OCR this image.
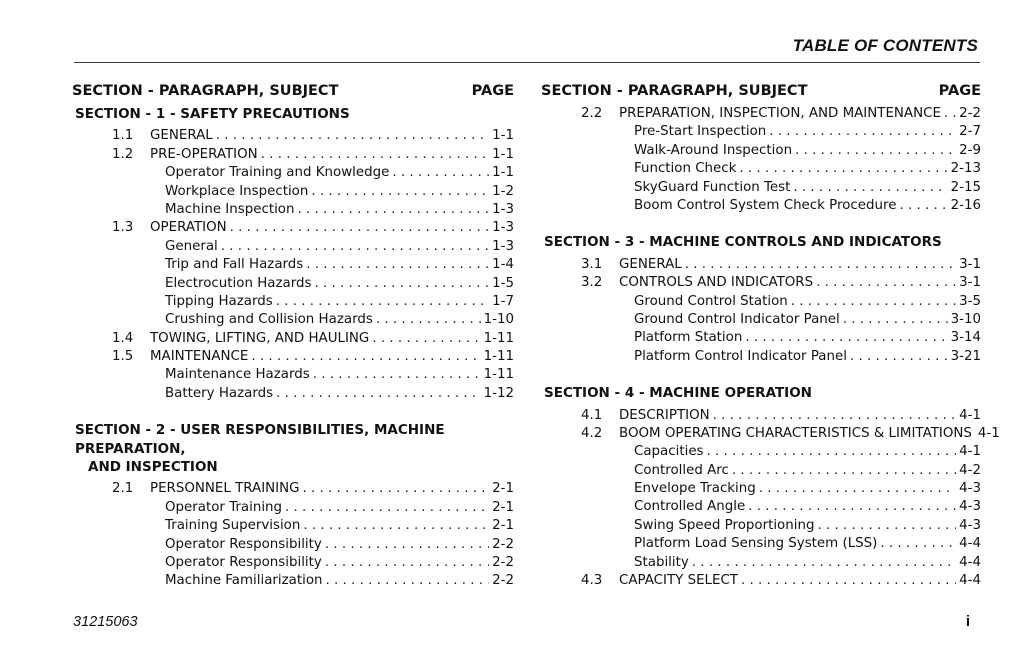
TABLE OF CONTENTS
SECTION - PARAGRAPH, SUBJECT	PAGE
SECTION - 1 - SAFETY PRECAUTIONS
1.1	GENERAL . . .	1-1
1.2	PRE-OPERATION . . .	1-1
Operator Training and Knowledge . . .	1-1
Workplace Inspection . . .	1-2
Machine Inspection . . .	1-3
1.3	OPERATION . . .	1-3
General . . .	1-3
Trip and Fall Hazards . . .	1-4
Electrocution Hazards . . .	1-5
Tipping Hazards . . .	1-7
Crushing and Collision Hazards . . .	1-10
1.4	TOWING, LIFTING, AND HAULING . . .	1-11
1.5	MAINTENANCE . . .	1-11
Maintenance Hazards . . .	1-11
Battery Hazards . . .	1-12
SECTION - 2 - USER RESPONSIBILITIES, MACHINE PREPARATION,
AND INSPECTION
2.1	PERSONNEL TRAINING . . .	2-1
Operator Training . . .	2-1
Training Supervision . . .	2-1
Operator Responsibility . . .	2-2
Operator Responsibility . . .	2-2
Machine Familiarization . . .	2-2
SECTION - PARAGRAPH, SUBJECT	PAGE
2.2	PREPARATION, INSPECTION, AND MAINTENANCE . . . 2-2
Pre-Start Inspection . . .	2-7
Walk-Around Inspection . . .	2-9
Function Check . . .	2-13
SkyGuard Function Test . . .	2-15
Boom Control System Check Procedure . . .	2-16
SECTION - 3 - MACHINE CONTROLS AND INDICATORS
3.1	GENERAL . . .	3-1
3.2	CONTROLS AND INDICATORS . . .	3-1
Ground Control Station . . .	3-5
Ground Control Indicator Panel . . .	3-10
Platform Station . . .	3-14
Platform Control Indicator Panel . . .	3-21
SECTION - 4 - MACHINE OPERATION
4.1	DESCRIPTION . . .	4-1
4.2	BOOM OPERATING CHARACTERISTICS & LIMITATIONS 4-1
Capacities . . .	4-1
Controlled Arc . . .	4-2
Envelope Tracking . . .	4-3
Controlled Angle . . .	4-3
Swing Speed Proportioning . . .	4-3
Platform Load Sensing System (LSS) . . .	4-4
Stability . . .	4-4
4.3	CAPACITY SELECT . . .	4-4
31215063	i
